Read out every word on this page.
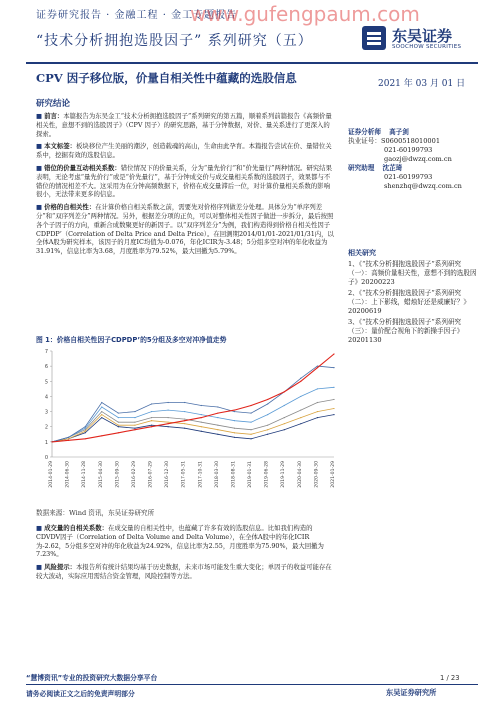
证券研究报告 · 金融工程 · 金工专题报告
www.gufengpaum.com
“技术分析拥抱选股因子” 系列研究（五）	东吴证券
SOOCHOW SECURITIES
CPV 因子移位版，价量自相关性中蕴藏的选股信息	2021 年 03 月 01 日
研究结论

■ 前言：本篇报告为东吴金工“技术分析拥抱选股因子”系列研究的第五篇，顺着系列前篇报告《高频价量相关性，意想不到的选股因子》（CPV 因子）的研究思路，基于分钟数据，对价、量关系进行了更深入的探索。

■ 本文标签：板块移位产生美丽的潮汐，创造载魂的高山，生命由此孕育。本篇报告尝试在价、量错位关系中，挖掘有效的选股信息。

■ 错位的价量互动相关系数：错位情况下的价量关系，分为“量先价行”和“价先量行”两种情况。研究结果表明，无论考虑“量先价行”或是“价先量行”，基于分钟成交价与成交量相关系数的选股因子，效果都与不错位的情况相差不大。这采用为在分钟高频数据下，价格在成交量滞后一位，对计算价量相关系数的影响很小，无法带来更多的信息。

■ 价格的自相关性：在计算价格自相关系数之前，需要先对价格序列做差分处理。具体分为“单序列差分”和“双序列差分”两种情况。另外，根据差分项的正负，可以对整体相关性因子做进一步拆分，最后按照各个子因子的方向，重新合成数聚更好的新因子。以“双序列差分”为例，我们构造得到价格自相关性因子CDPDP’（Correlation of Delta Price and Delta Price）。在回测期2014/01/01-2021/01/31内，以全体A股为研究样本，该因子的月度IC均值为-0.076，年化ICIR为-3.48；5分组多空对冲的年化收益为31.91%，信息比率为3.68，月度胜率为79.52%，最大回撤为5.79%。

图 1：价格自相关性因子CDPDP’的5分组及多空对冲净值走势
0
1
2
3
4
5
6
7
2014-01-29	2014-06-30	2014-11-28	2015-04-30	2015-09-30	2016-02-29	2016-07-29	2016-12-30	2017-05-31	2017-10-31	2018-03-30	2018-08-31	2019-01-31	2019-06-28	2019-11-29	2020-04-30	2020-09-30	2021-01-29
数据来源：Wind 资讯，东吴证券研究所

■ 成交量的自相关系数：在成交量的自相关性中，也蕴藏了许多有效的选股信息。比如我们构造的CDVDV因子（Correlation of Delta Volume and Delta Volume），在全体A股中的年化ICIR为-2.62，5分组多空对冲的年化收益为24.92%，信息比率为2.55，月度胜率为75.90%，最大回撤为7.23%。

■ 风险提示：本报告所有统计结果均基于历史数据，未来市场可能发生重大变化；单因子的收益可能存在较大波动，实际应用需结合资金管理，风险控制等方法。

证券分析师 高子剑
执业证号：S0600518010001
021-60199793
gaozj@dwzq.com.cn
研究助理 沈芷琦
021-60199793
shenzhq@dwzq.com.cn
相关研究
1、《“技术分析拥抱选股因子”系列研究（一）：高频价量相关性，意想不到的选股因子》20200223
2、《“技术分析拥抱选股因子”系列研究（二）：上下影线，蜡烛好还是威廉好？》20200619
3、《“技术分析拥抱选股因子”系列研究（三）：量价配合视角下的新操手因子》20201130
“慧博资讯”专业的投资研究大数据分享平台	1 / 23
请务必阅读正文之后的免责声明部分	东吴证券研究所
